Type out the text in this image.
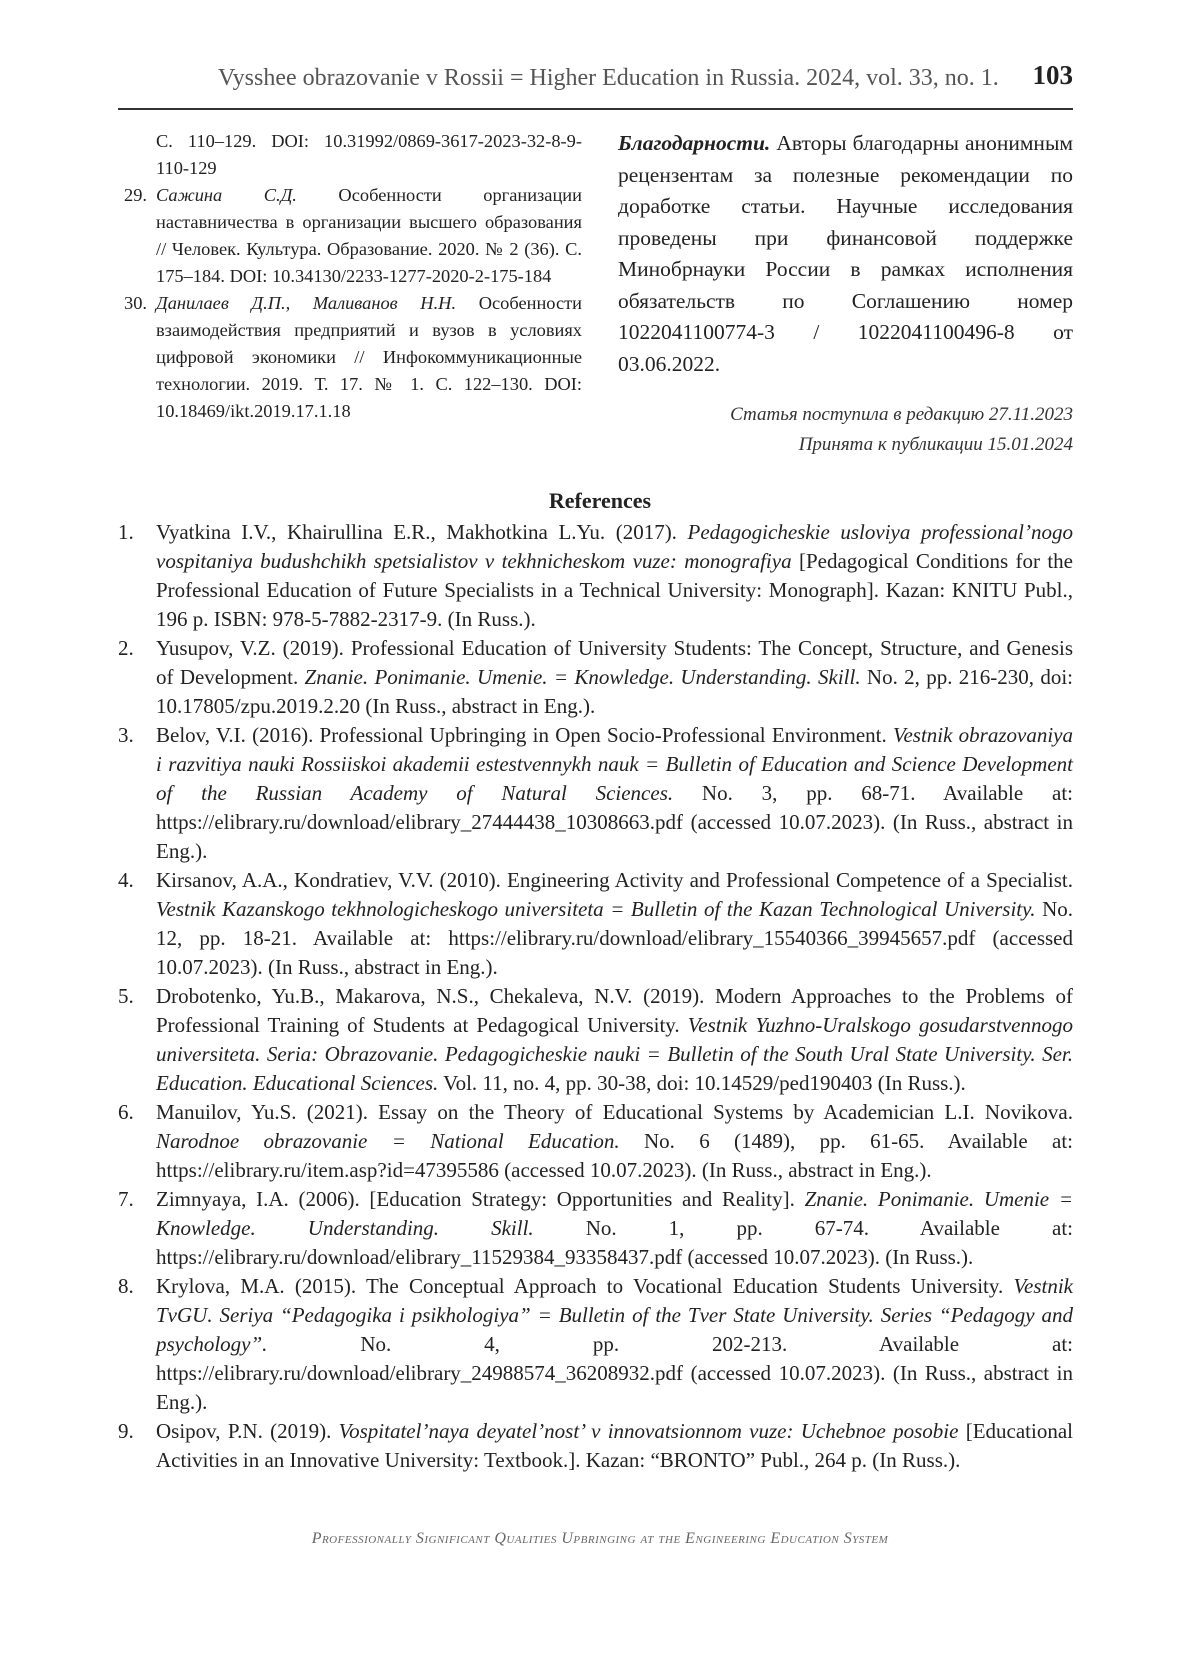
Vysshee obrazovanie v Rossii = Higher Education in Russia. 2024, vol. 33, no. 1. 103
С. 110–129. DOI: 10.31992/0869-3617-2023-32-8-9-110-129
29. Сажина С.Д. Особенности организации наставничества в организации высшего образования // Человек. Культура. Образование. 2020. № 2 (36). С. 175–184. DOI: 10.34130/2233-1277-2020-2-175-184
30. Данилаев Д.П., Маливанов Н.Н. Особенности взаимодействия предприятий и вузов в условиях цифровой экономики // Инфокоммуникационные технологии. 2019. Т. 17. № 1. С. 122–130. DOI: 10.18469/ikt.2019.17.1.18
Благодарности. Авторы благодарны анонимным рецензентам за полезные рекомендации по доработке статьи. Научные исследования проведены при финансовой поддержке Минобрнауки России в рамках исполнения обязательств по Соглашению номер 1022041100774-3 / 1022041100496-8 от 03.06.2022.
Статья поступила в редакцию 27.11.2023
Принята к публикации 15.01.2024
References
1. Vyatkina I.V., Khairullina E.R., Makhotkina L.Yu. (2017). Pedagogicheskie usloviya professional’nogo vospitaniya budushchikh spetsialistov v tekhnicheskom vuze: monografiya [Pedagogical Conditions for the Professional Education of Future Specialists in a Technical University: Monograph]. Kazan: KNITU Publ., 196 p. ISBN: 978-5-7882-2317-9. (In Russ.).
2. Yusupov, V.Z. (2019). Professional Education of University Students: The Concept, Structure, and Genesis of Development. Znanie. Ponimanie. Umenie. = Knowledge. Understanding. Skill. No. 2, pp. 216-230, doi: 10.17805/zpu.2019.2.20 (In Russ., abstract in Eng.).
3. Belov, V.I. (2016). Professional Upbringing in Open Socio-Professional Environment. Vestnik obrazovaniya i razvitiya nauki Rossiiskoi akademii estestvennykh nauk = Bulletin of Education and Science Development of the Russian Academy of Natural Sciences. No. 3, pp. 68-71. Available at: https://elibrary.ru/download/elibrary_27444438_10308663.pdf (accessed 10.07.2023). (In Russ., abstract in Eng.).
4. Kirsanov, A.A., Kondratiev, V.V. (2010). Engineering Activity and Professional Competence of a Specialist. Vestnik Kazanskogo tekhnologicheskogo universiteta = Bulletin of the Kazan Technological University. No. 12, pp. 18-21. Available at: https://elibrary.ru/download/elibrary_15540366_39945657.pdf (accessed 10.07.2023). (In Russ., abstract in Eng.).
5. Drobotenko, Yu.B., Makarova, N.S., Chekaleva, N.V. (2019). Modern Approaches to the Problems of Professional Training of Students at Pedagogical University. Vestnik Yuzhno-Uralskogo gosudarstvennogo universiteta. Seria: Obrazovanie. Pedagogicheskie nauki = Bulletin of the South Ural State University. Ser. Education. Educational Sciences. Vol. 11, no. 4, pp. 30-38, doi: 10.14529/ped190403 (In Russ.).
6. Manuilov, Yu.S. (2021). Essay on the Theory of Educational Systems by Academician L.I. Novikova. Narodnoe obrazovanie = National Education. No. 6 (1489), pp. 61-65. Available at: https://elibrary.ru/item.asp?id=47395586 (accessed 10.07.2023). (In Russ., abstract in Eng.).
7. Zimnyaya, I.A. (2006). [Education Strategy: Opportunities and Reality]. Znanie. Ponimanie. Umenie = Knowledge. Understanding. Skill. No. 1, pp. 67-74. Available at: https://elibrary.ru/download/elibrary_11529384_93358437.pdf (accessed 10.07.2023). (In Russ.).
8. Krylova, M.A. (2015). The Conceptual Approach to Vocational Education Students University. Vestnik TvGU. Seriya “Pedagogika i psikhologiya” = Bulletin of the Tver State University. Series “Pedagogy and psychology”. No. 4, pp. 202-213. Available at: https://elibrary.ru/download/elibrary_24988574_36208932.pdf (accessed 10.07.2023). (In Russ., abstract in Eng.).
9. Osipov, P.N. (2019). Vospitatel’naya deyatel’nost’ v innovatsionnom vuze: Uchebnoe posobie [Educational Activities in an Innovative University: Textbook.]. Kazan: “BRONTO” Publ., 264 p. (In Russ.).
Professionally Significant Qualities Upbringing at the Engineering Education System
